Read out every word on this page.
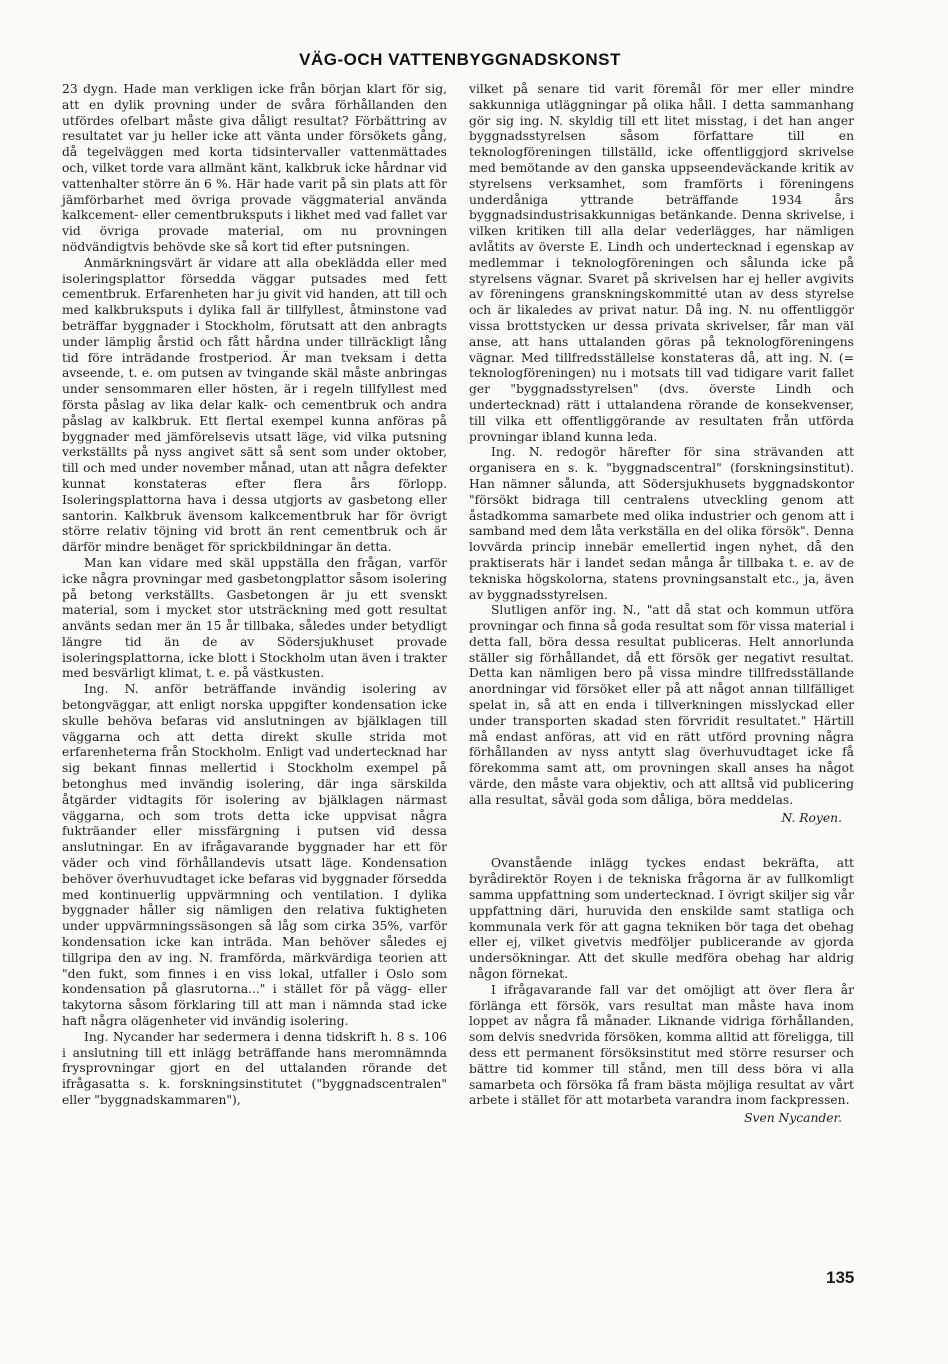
VÄG-OCH VATTENBYGGNADSKONST

23 dygn. Hade man verkligen icke från början klart för sig, att en dylik provning under de svåra förhållanden den utfördes ofelbart måste giva dåligt resultat? Förbättring av resultatet var ju heller icke att vänta under försökets gång, då tegelväggen med korta tidsintervaller vattenmättades och, vilket torde vara allmänt känt, kalkbruk icke hårdnar vid vattenhalter större än 6 %. Här hade varit på sin plats att för jämförbarhet med övriga provade väggmaterial använda kalkcement- eller cementbruksputs i likhet med vad fallet var vid övriga provade material, om nu provningen nödvändigtvis behövde ske så kort tid efter putsningen.

Anmärkningsvärt är vidare att alla obeklädda eller med isoleringsplattor försedda väggar putsades med fett cementbruk. Erfarenheten har ju givit vid handen, att till och med kalkbruksputs i dylika fall är tillfyllest, åtminstone vad beträffar byggnader i Stockholm, förutsatt att den anbragts under lämplig årstid och fått hårdna under tillräckligt lång tid före inträdande frostperiod. Är man tveksam i detta avseende, t. e. om putsen av tvingande skäl måste anbringas under sensommaren eller hösten, är i regeln tillfyllest med första påslag av lika delar kalk- och cementbruk och andra påslag av kalkbruk. Ett flertal exempel kunna anföras på byggnader med jämförelsevis utsatt läge, vid vilka putsning verkställts på nyss angivet sätt så sent som under oktober, till och med under november månad, utan att några defekter kunnat konstateras efter flera års förlopp. Isoleringsplattorna hava i dessa utgjorts av gasbetong eller santorin. Kalkbruk ävensom kalkcementbruk har för övrigt större relativ töjning vid brott än rent cementbruk och är därför mindre benäget för sprickbildningar än detta.

Man kan vidare med skäl uppställa den frågan, varför icke några provningar med gasbetongplattor såsom isolering på betong verkställts. Gasbetongen är ju ett svenskt material, som i mycket stor utsträckning med gott resultat använts sedan mer än 15 år tillbaka, således under betydligt längre tid än de av Södersjukhuset provade isoleringsplattorna, icke blott i Stockholm utan även i trakter med besvärligt klimat, t. e. på västkusten.

Ing. N. anför beträffande invändig isolering av betongväggar, att enligt norska uppgifter kondensation icke skulle behöva befaras vid anslutningen av bjälklagen till väggarna och att detta direkt skulle strida mot erfarenheterna från Stockholm. Enligt vad undertecknad har sig bekant finnas mellertid i Stockholm exempel på betonghus med invändig isolering, där inga särskilda åtgärder vidtagits för isolering av bjälklagen närmast väggarna, och som trots detta icke uppvisat några fukträander eller missfärgning i putsen vid dessa anslutningar. En av ifrågavarande byggnader har ett för väder och vind förhållandevis utsatt läge. Kondensation behöver överhuvudtaget icke befaras vid byggnader försedda med kontinuerlig uppvärmning och ventilation. I dylika byggnader håller sig nämligen den relativa fuktigheten under uppvärmningssäsongen så låg som cirka 35%, varför kondensation icke kan inträda. Man behöver således ej tillgripa den av ing. N. framförda, märkvärdiga teorien att "den fukt, som finnes i en viss lokal, utfaller i Oslo som kondensation på glasrutorna..." i stället för på vägg- eller takytorna såsom förklaring till att man i nämnda stad icke haft några olägenheter vid invändig isolering.

Ing. Nycander har sedermera i denna tidskrift h. 8 s. 106 i anslutning till ett inlägg beträffande hans meromnämnda frysprovningar gjort en del uttalanden rörande det ifrågasatta s. k. forskningsinstitutet ("byggnadscentralen" eller "byggnadskammaren"),

vilket på senare tid varit föremål för mer eller mindre sakkunniga utläggningar på olika håll. I detta sammanhang gör sig ing. N. skyldig till ett litet misstag, i det han anger byggnadsstyrelsen såsom författare till en teknologföreningen tillställd, icke offentliggjord skrivelse med bemötande av den ganska uppseendeväckande kritik av styrelsens verksamhet, som framförts i föreningens underdåniga yttrande beträffande 1934 års byggnadsindustrisakkunnigas betänkande. Denna skrivelse, i vilken kritiken till alla delar vederlägges, har nämligen avlåtits av överste E. Lindh och undertecknad i egenskap av medlemmar i teknologföreningen och sålunda icke på styrelsens vägnar. Svaret på skrivelsen har ej heller avgivits av föreningens granskningskommitté utan av dess styrelse och är likaledes av privat natur. Då ing. N. nu offentliggör vissa brottstycken ur dessa privata skrivelser, får man väl anse, att hans uttalanden göras på teknologföreningens vägnar. Med tillfredsställelse konstateras då, att ing. N. (= teknologföreningen) nu i motsats till vad tidigare varit fallet ger "byggnadsstyrelsen" (dvs. överste Lindh och undertecknad) rätt i uttalandena rörande de konsekvenser, till vilka ett offentliggörande av resultaten från utförda provningar ibland kunna leda.

Ing. N. redogör härefter för sina strävanden att organisera en s. k. "byggnadscentral" (forskningsinstitut). Han nämner sålunda, att Södersjukhusets byggnadskontor "försökt bidraga till centralens utveckling genom att åstadkomma samarbete med olika industrier och genom att i samband med dem låta verkställa en del olika försök". Denna lovvärda princip innebär emellertid ingen nyhet, då den praktiserats här i landet sedan många år tillbaka t. e. av de tekniska högskolorna, statens provningsanstalt etc., ja, även av byggnadsstyrelsen.

Slutligen anför ing. N., "att då stat och kommun utföra provningar och finna så goda resultat som för vissa material i detta fall, böra dessa resultat publiceras. Helt annorlunda ställer sig förhållandet, då ett försök ger negativt resultat. Detta kan nämligen bero på vissa mindre tillfredsställande anordningar vid försöket eller på att något annan tillfälliget spelat in, så att en enda i tillverkningen misslyckad eller under transporten skadad sten förvridit resultatet." Härtill må endast anföras, att vid en rätt utförd provning några förhållanden av nyss antytt slag överhuvudtaget icke få förekomma samt att, om provningen skall anses ha något värde, den måste vara objektiv, och att alltså vid publicering alla resultat, såväl goda som dåliga, böra meddelas.

N. Royen.

Ovanstående inlägg tyckes endast bekräfta, att byrådirektör Royen i de tekniska frågorna är av fullkomligt samma uppfattning som undertecknad. I övrigt skiljer sig vår uppfattning däri, huruvida den enskilde samt statliga och kommunala verk för att gagna tekniken bör taga det obehag eller ej, vilket givetvis medföljer publicerande av gjorda undersökningar. Att det skulle medföra obehag har aldrig någon förnekat.

I ifrågavarande fall var det omöjligt att över flera år förlänga ett försök, vars resultat man måste hava inom loppet av några få månader. Liknande vidriga förhållanden, som delvis snedvrida försöken, komma alltid att föreligga, till dess ett permanent försöksinstitut med större resurser och bättre tid kommer till stånd, men till dess böra vi alla samarbeta och försöka få fram bästa möjliga resultat av vårt arbete i stället för att motarbeta varandra inom fackpressen.

Sven Nycander.
135
